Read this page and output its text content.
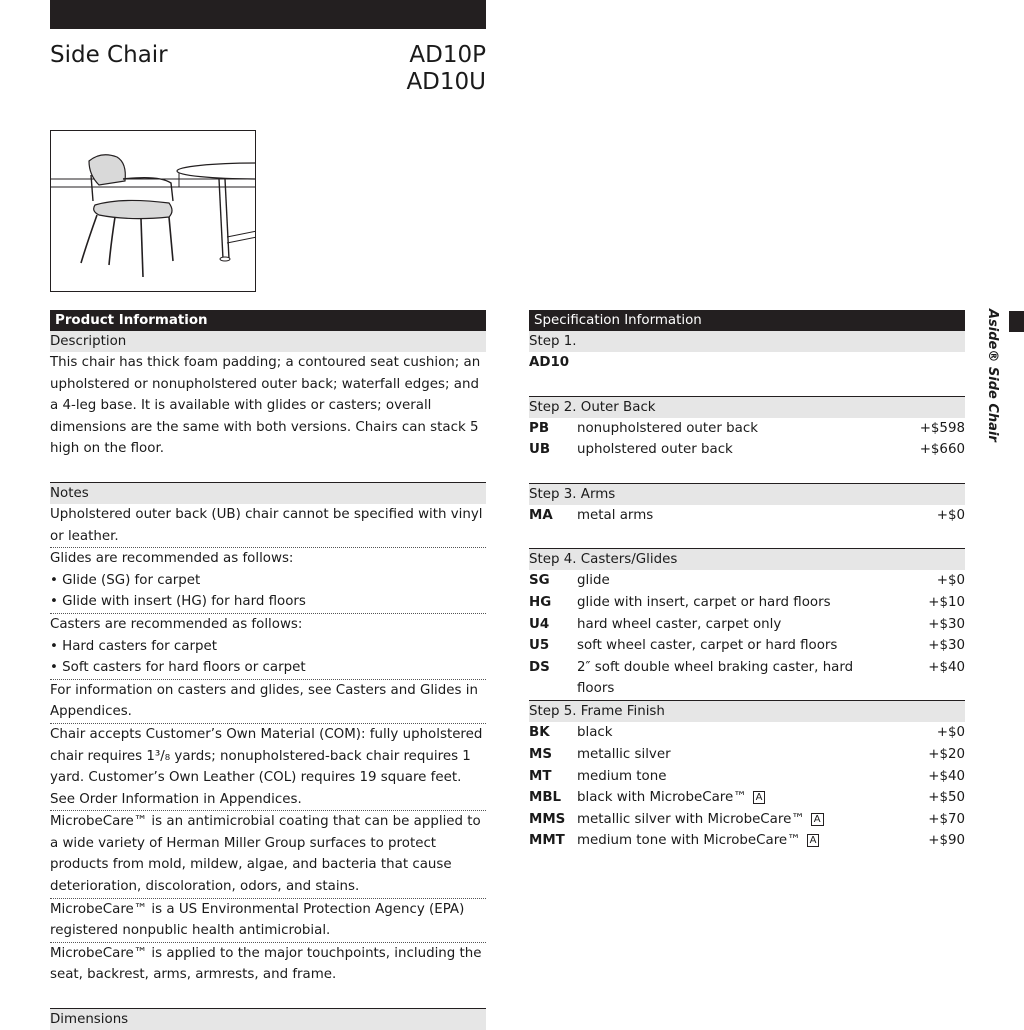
Side Chair	AD10P
AD10U
Aside® Side Chair
Product Information
Description
This chair has thick foam padding; a contoured seat cushion; an upholstered or nonupholstered outer back; waterfall edges; and a 4-leg base. It is available with glides or casters; overall dimensions are the same with both versions. Chairs can stack 5 high on the floor.
Notes
Upholstered outer back (UB) chair cannot be specified with vinyl or leather.
Glides are recommended as follows:
• Glide (SG) for carpet
• Glide with insert (HG) for hard floors
Casters are recommended as follows:
• Hard casters for carpet
• Soft casters for hard floors or carpet
For information on casters and glides, see Casters and Glides in Appendices.
Chair accepts Customer’s Own Material (COM): fully upholstered chair requires 1³/₈ yards; nonupholstered-back chair requires 1 yard. Customer’s Own Leather (COL) requires 19 square feet. See Order Information in Appendices.
MicrobeCare™ is an antimicrobial coating that can be applied to a wide variety of Herman Miller Group surfaces to protect products from mold, mildew, algae, and bacteria that cause deterioration, discoloration, odors, and stains.
MicrobeCare™ is a US Environmental Protection Agency (EPA) registered nonpublic health antimicrobial.
MicrobeCare™ is applied to the major touchpoints, including the seat, backrest, arms, armrests, and frame.
Dimensions
Specification Information
Step 1.
AD10
Step 2. Outer Back
PB	nonupholstered outer back	+$598
UB	upholstered outer back	+$660
Step 3. Arms
MA	metal arms	+$0
Step 4. Casters/Glides
SG	glide	+$0
HG	glide with insert, carpet or hard floors	+$10
U4	hard wheel caster, carpet only	+$30
U5	soft wheel caster, carpet or hard floors	+$30
DS	2″ soft double wheel braking caster, hard floors
+$40
Step 5. Frame Finish
BK	black	+$0
MS	metallic silver	+$20
MT	medium tone	+$40
MBL	black with MicrobeCare™ A	+$50
MMS metallic silver with MicrobeCare™ A	+$70
MMT medium tone with MicrobeCare™ A	+$90
